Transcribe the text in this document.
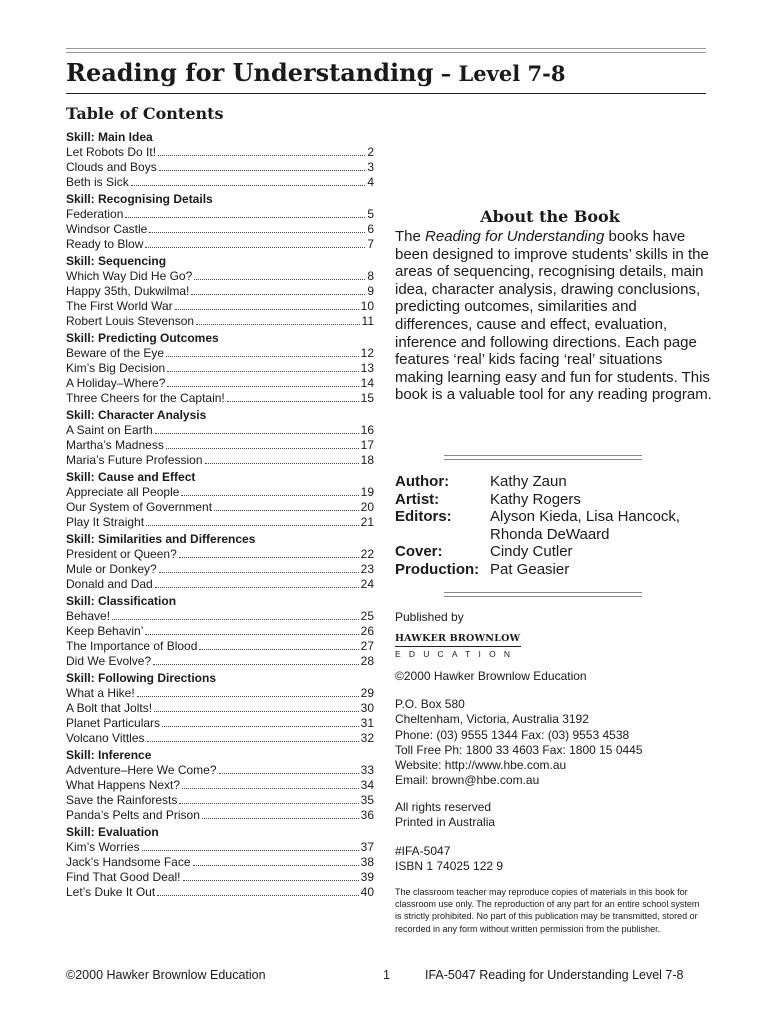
Reading for Understanding – Level 7-8
Table of Contents
Skill: Main Idea
Let Robots Do It!	2
Clouds and Boys	3
Beth is Sick	4
Skill: Recognising Details
Federation	5
Windsor Castle	6
Ready to Blow	7
Skill: Sequencing
Which Way Did He Go?	8
Happy 35th, Dukwilma!	9
The First World War	10
Robert Louis Stevenson	11
Skill: Predicting Outcomes
Beware of the Eye	12
Kim’s Big Decision	13
A Holiday–Where?	14
Three Cheers for the Captain!	15
Skill: Character Analysis
A Saint on Earth	16
Martha’s Madness	17
Maria’s Future Profession	18
Skill: Cause and Effect
Appreciate all People	19
Our System of Government	20
Play It Straight	21
Skill: Similarities and Differences
President or Queen?	22
Mule or Donkey?	23
Donald and Dad	24
Skill: Classification
Behave!	25
Keep Behavin’	26
The Importance of Blood	27
Did We Evolve?	28
Skill: Following Directions
What a Hike!	29
A Bolt that Jolts!	30
Planet Particulars	31
Volcano Vittles	32
Skill: Inference
Adventure–Here We Come?	33
What Happens Next?	34
Save the Rainforests	35
Panda’s Pelts and Prison	36
Skill: Evaluation
Kim’s Worries	37
Jack’s Handsome Face	38
Find That Good Deal!	39
Let’s Duke It Out	40
About the Book
The Reading for Understanding books have been designed to improve students’ skills in the areas of sequencing, recognising details, main idea, character analysis, drawing conclusions, predicting outcomes, similarities and differences, cause and effect, evaluation, inference and following directions. Each page features ‘real’ kids facing ‘real’ situations making learning easy and fun for students. This book is a valuable tool for any reading program.
Author:	Kathy Zaun
Artist:	Kathy Rogers
Editors:	Alyson Kieda, Lisa Hancock, Rhonda DeWaard
Cover:	Cindy Cutler
Production: Pat Geasier
Published by
HAWKER BROWNLOW
EDUCATION
©2000 Hawker Brownlow Education
P.O. Box 580
Cheltenham, Victoria, Australia 3192
Phone: (03) 9555 1344 Fax: (03) 9553 4538
Toll Free Ph: 1800 33 4603 Fax: 1800 15 0445
Website: http://www.hbe.com.au
Email: brown@hbe.com.au
All rights reserved
Printed in Australia
#IFA-5047
ISBN 1 74025 122 9
The classroom teacher may reproduce copies of materials in this book for classroom use only. The reproduction of any part for an entire school system is strictly prohibited. No part of this publication may be transmitted, stored or recorded in any form without written permission from the publisher.
©2000 Hawker Brownlow Education	1	IFA-5047 Reading for Understanding Level 7-8
